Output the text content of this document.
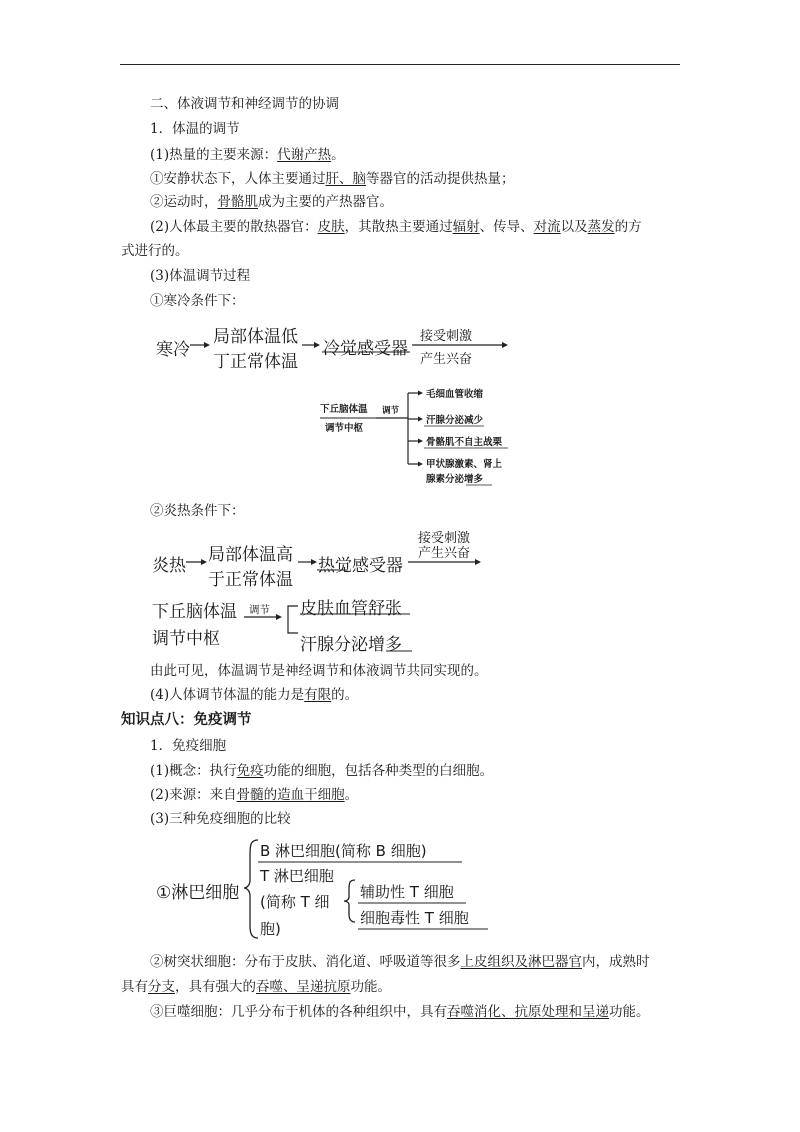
二、体液调节和神经调节的协调
1．体温的调节
(1)热量的主要来源：代谢产热。
①安静状态下，人体主要通过肝、脑等器官的活动提供热量；
②运动时，骨骼肌成为主要的产热器官。
(2)人体最主要的散热器官：皮肤，其散热主要通过辐射、传导、对流以及蒸发的方
式进行的。
(3)体温调节过程
①寒冷条件下：
寒冷
局部体温低
丁正常体温
冷觉感受器
接受刺激
产生兴奋
下丘脑体温
调节中枢
调节
毛细血管收缩
汗腺分泌减少
骨骼肌不自主战栗
甲状腺激素、肾上
腺素分泌增多
②炎热条件下：
炎热
局部体温高
于正常体温
热觉感受器
接受刺激
产生兴奋
下丘脑体温
调节中枢
调节 皮肤血管舒张
汗腺分泌增多
由此可见，体温调节是神经调节和体液调节共同实现的。
(4)人体调节体温的能力是有限的。
知识点八：免疫调节
1．免疫细胞
(1)概念：执行免疫功能的细胞，包括各种类型的白细胞。
(2)来源：来自骨髓的造血干细胞。
(3)三种免疫细胞的比较
①淋巴细胞
B 淋巴细胞(简称 B 细胞)
T 淋巴细胞
(简称 T 细
胞)
辅助性 T 细胞
细胞毒性 T 细胞
②树突状细胞：分布于皮肤、消化道、呼吸道等很多上皮组织及淋巴器官内，成熟时
具有分支，具有强大的吞噬、呈递抗原功能。
③巨噬细胞：几乎分布于机体的各种组织中，具有吞噬消化、抗原处理和呈递功能。
